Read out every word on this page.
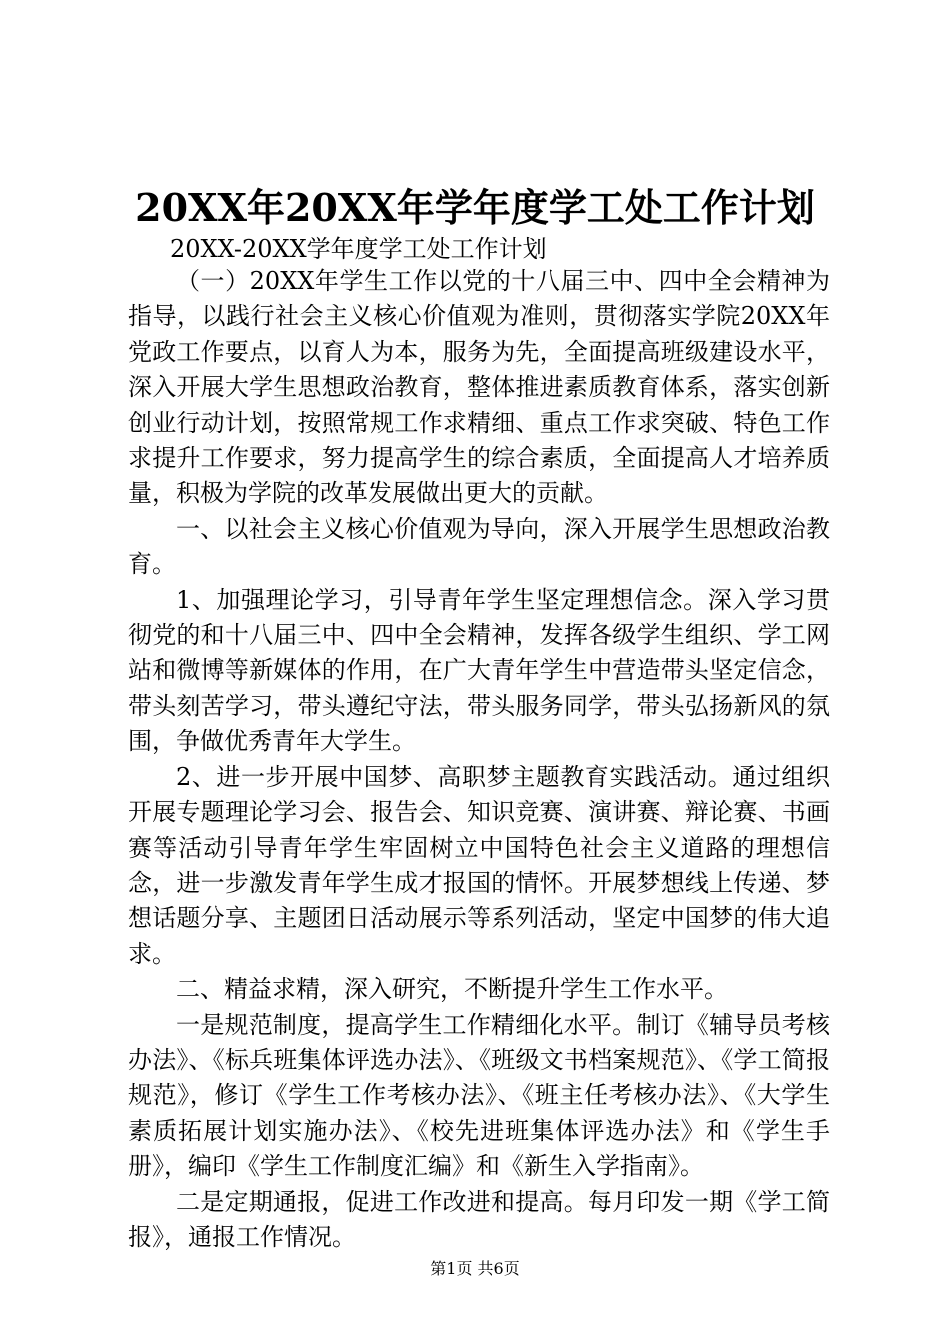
20XX年20XX年学年度学工处工作计划
20XX-20XX学年度学工处工作计划

（一）20XX年学生工作以党的十八届三中、四中全会精神为指导，以践行社会主义核心价值观为准则，贯彻落实学院20XX年党政工作要点，以育人为本，服务为先，全面提高班级建设水平，深入开展大学生思想政治教育，整体推进素质教育体系，落实创新创业行动计划，按照常规工作求精细、重点工作求突破、特色工作求提升工作要求，努力提高学生的综合素质，全面提高人才培养质量，积极为学院的改革发展做出更大的贡献。

一、以社会主义核心价值观为导向，深入开展学生思想政治教育。

1、加强理论学习，引导青年学生坚定理想信念。深入学习贯彻党的和十八届三中、四中全会精神，发挥各级学生组织、学工网站和微博等新媒体的作用，在广大青年学生中营造带头坚定信念，带头刻苦学习，带头遵纪守法，带头服务同学，带头弘扬新风的氛围，争做优秀青年大学生。

2、进一步开展中国梦、高职梦主题教育实践活动。通过组织开展专题理论学习会、报告会、知识竞赛、演讲赛、辩论赛、书画赛等活动引导青年学生牢固树立中国特色社会主义道路的理想信念，进一步激发青年学生成才报国的情怀。开展梦想线上传递、梦想话题分享、主题团日活动展示等系列活动，坚定中国梦的伟大追求。

二、精益求精，深入研究，不断提升学生工作水平。

一是规范制度，提高学生工作精细化水平。制订《辅导员考核办法》、《标兵班集体评选办法》、《班级文书档案规范》、《学工简报规范》，修订《学生工作考核办法》、《班主任考核办法》、《大学生素质拓展计划实施办法》、《校先进班集体评选办法》和《学生手册》，编印《学生工作制度汇编》和《新生入学指南》。

二是定期通报，促进工作改进和提高。每月印发一期《学工简报》，通报工作情况。

第1页 共6页
